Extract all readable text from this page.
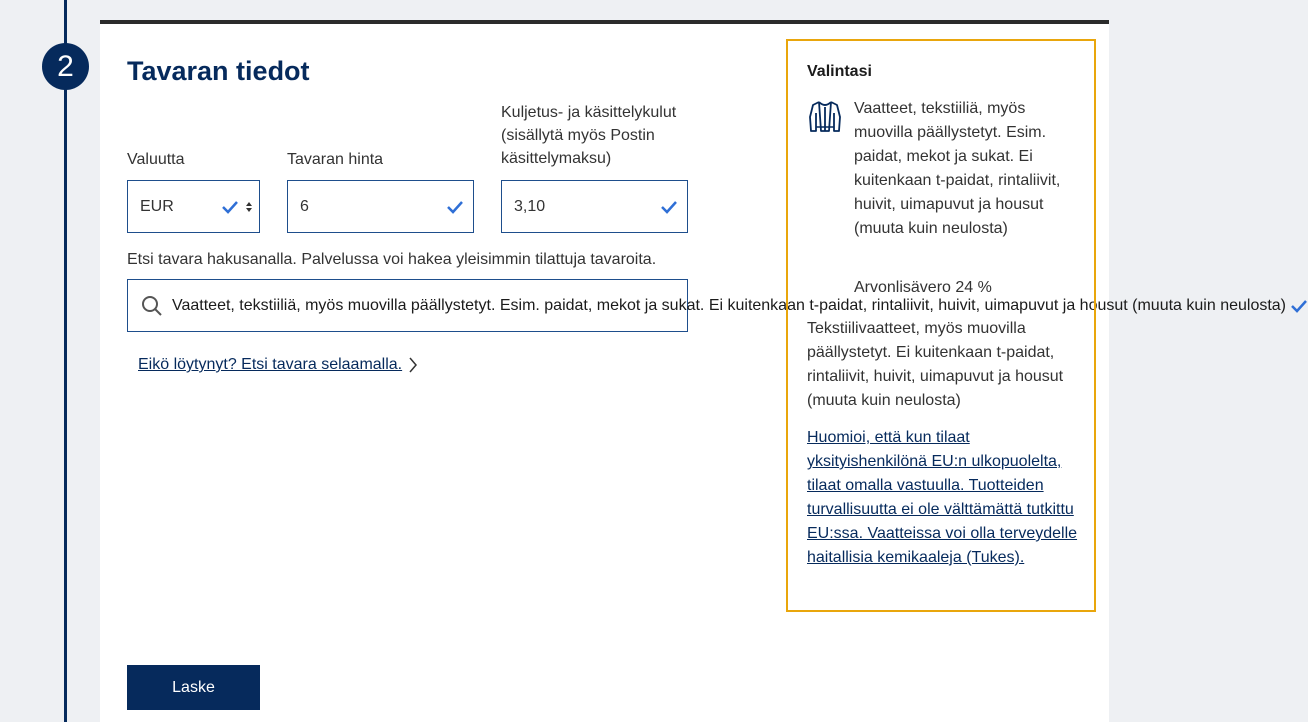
2	Tavaran tiedot
Valuutta
EUR
Tavaran hinta
6
Kuljetus- ja käsittelykulut
(sisällytä myös Postin
käsittelymaksu)
3,10
Etsi tavara hakusanalla. Palvelussa voi hakea yleisimmin tilattuja tavaroita.
Vaatteet, tekstiiliä, myös muovilla päällystetyt. Esim. paidat, mekot ja sukat. Ei kuitenkaan t-paidat, rintaliivit, huivit, uimapuvut ja housut (muuta kuin neulosta)
Eikö löytynyt? Etsi tavara selaamalla.
Laske
Valintasi
Vaatteet, tekstiiliä, myös muovilla päällystetyt. Esim. paidat, mekot ja sukat. Ei kuitenkaan t-paidat, rintaliivit, huivit, uimapuvut ja housut (muuta kuin neulosta)
Arvonlisävero 24 %
Tekstiilivaatteet, myös muovilla päällystetyt. Ei kuitenkaan t-paidat, rintaliivit, huivit, uimapuvut ja housut (muuta kuin neulosta)
Huomioi, että kun tilaat yksityishenkilönä EU:n ulkopuolelta, tilaat omalla vastuulla. Tuotteiden turvallisuutta ei ole välttämättä tutkittu EU:ssa. Vaatteissa voi olla terveydelle haitallisia kemikaaleja (Tukes).
